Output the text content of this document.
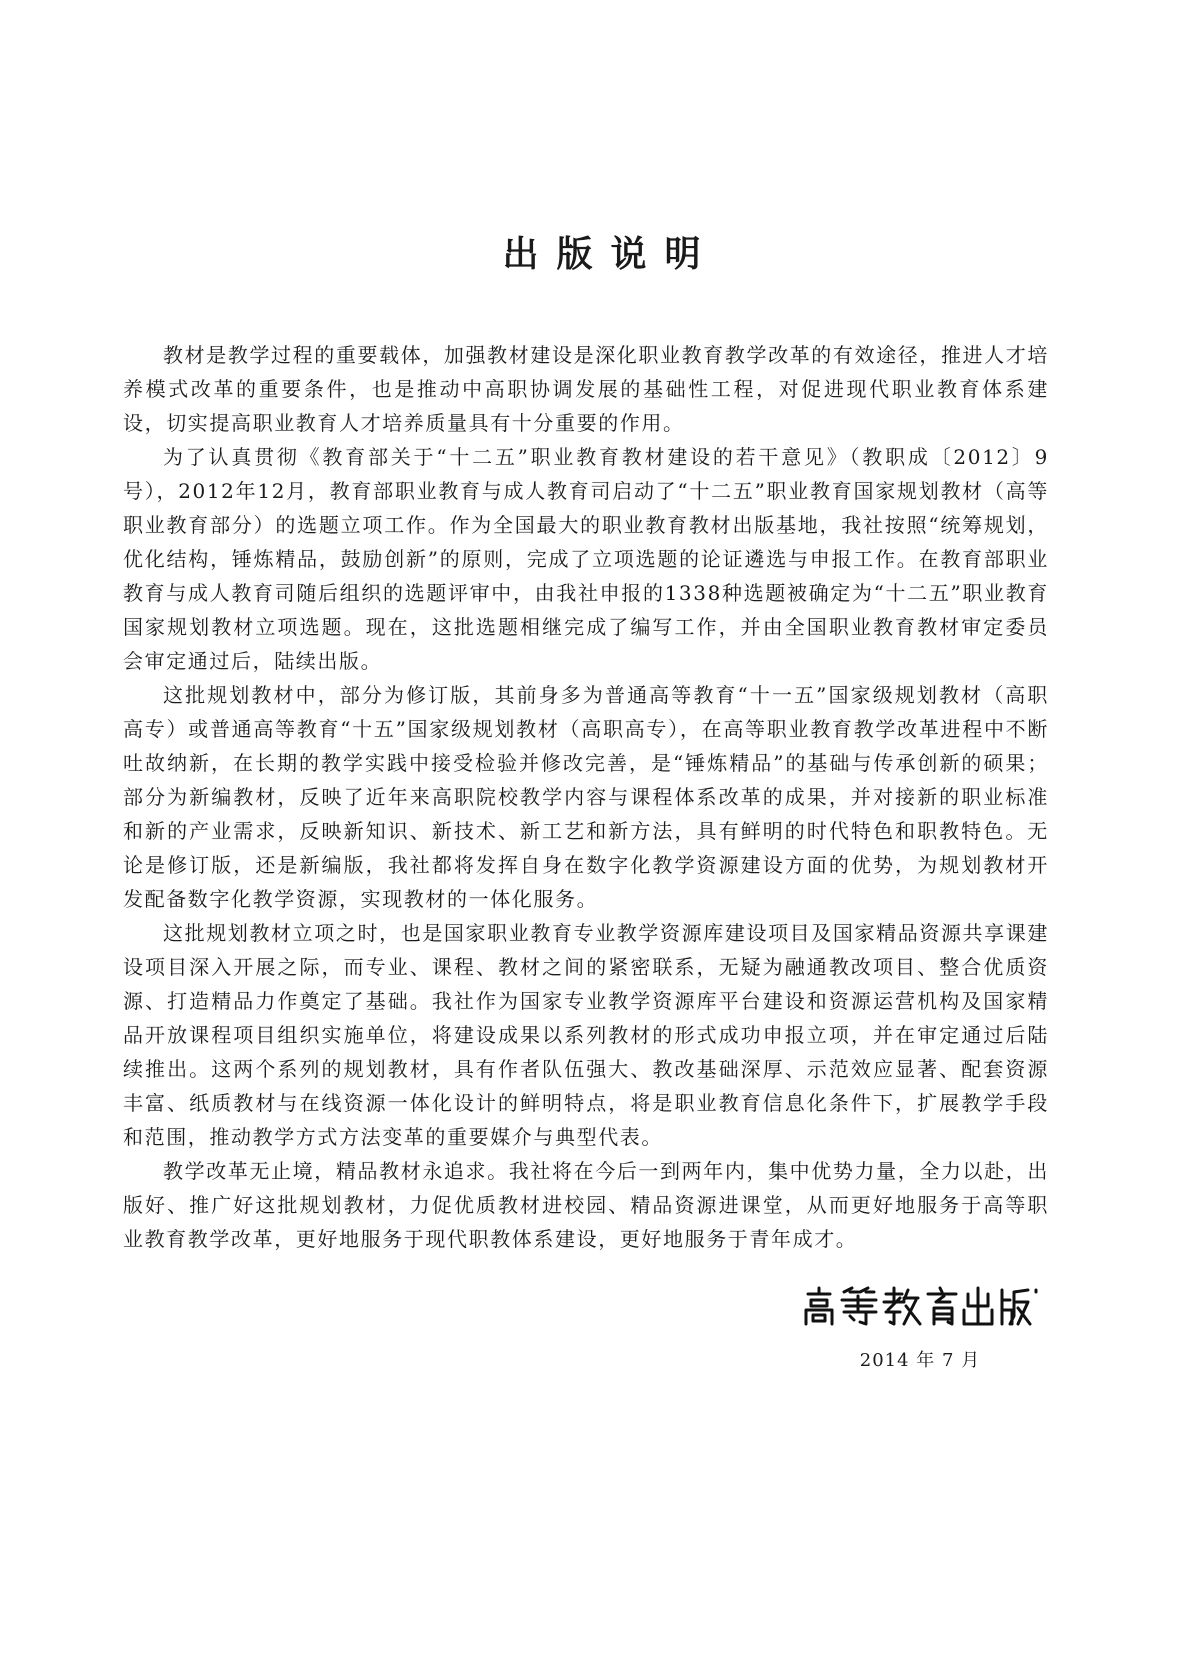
出版说明

教材是教学过程的重要载体，加强教材建设是深化职业教育教学改革的有效途径，推进人才培养模式改革的重要条件，也是推动中高职协调发展的基础性工程，对促进现代职业教育体系建设，切实提高职业教育人才培养质量具有十分重要的作用。

为了认真贯彻《教育部关于“十二五”职业教育教材建设的若干意见》（教职成〔2012〕9号），2012年12月，教育部职业教育与成人教育司启动了“十二五”职业教育国家规划教材（高等职业教育部分）的选题立项工作。作为全国最大的职业教育教材出版基地，我社按照“统筹规划，优化结构，锤炼精品，鼓励创新”的原则，完成了立项选题的论证遴选与申报工作。在教育部职业教育与成人教育司随后组织的选题评审中，由我社申报的1338种选题被确定为“十二五”职业教育国家规划教材立项选题。现在，这批选题相继完成了编写工作，并由全国职业教育教材审定委员会审定通过后，陆续出版。

这批规划教材中，部分为修订版，其前身多为普通高等教育“十一五”国家级规划教材（高职高专）或普通高等教育“十五”国家级规划教材（高职高专），在高等职业教育教学改革进程中不断吐故纳新，在长期的教学实践中接受检验并修改完善，是“锤炼精品”的基础与传承创新的硕果；部分为新编教材，反映了近年来高职院校教学内容与课程体系改革的成果，并对接新的职业标准和新的产业需求，反映新知识、新技术、新工艺和新方法，具有鲜明的时代特色和职教特色。无论是修订版，还是新编版，我社都将发挥自身在数字化教学资源建设方面的优势，为规划教材开发配备数字化教学资源，实现教材的一体化服务。

这批规划教材立项之时，也是国家职业教育专业教学资源库建设项目及国家精品资源共享课建设项目深入开展之际，而专业、课程、教材之间的紧密联系，无疑为融通教改项目、整合优质资源、打造精品力作奠定了基础。我社作为国家专业教学资源库平台建设和资源运营机构及国家精品开放课程项目组织实施单位，将建设成果以系列教材的形式成功申报立项，并在审定通过后陆续推出。这两个系列的规划教材，具有作者队伍强大、教改基础深厚、示范效应显著、配套资源丰富、纸质教材与在线资源一体化设计的鲜明特点，将是职业教育信息化条件下，扩展教学手段和范围，推动教学方式方法变革的重要媒介与典型代表。

教学改革无止境，精品教材永追求。我社将在今后一到两年内，集中优势力量，全力以赴，出版好、推广好这批规划教材，力促优质教材进校园、精品资源进课堂，从而更好地服务于高等职业教育教学改革，更好地服务于现代职教体系建设，更好地服务于青年成才。

2014 年 7 月
